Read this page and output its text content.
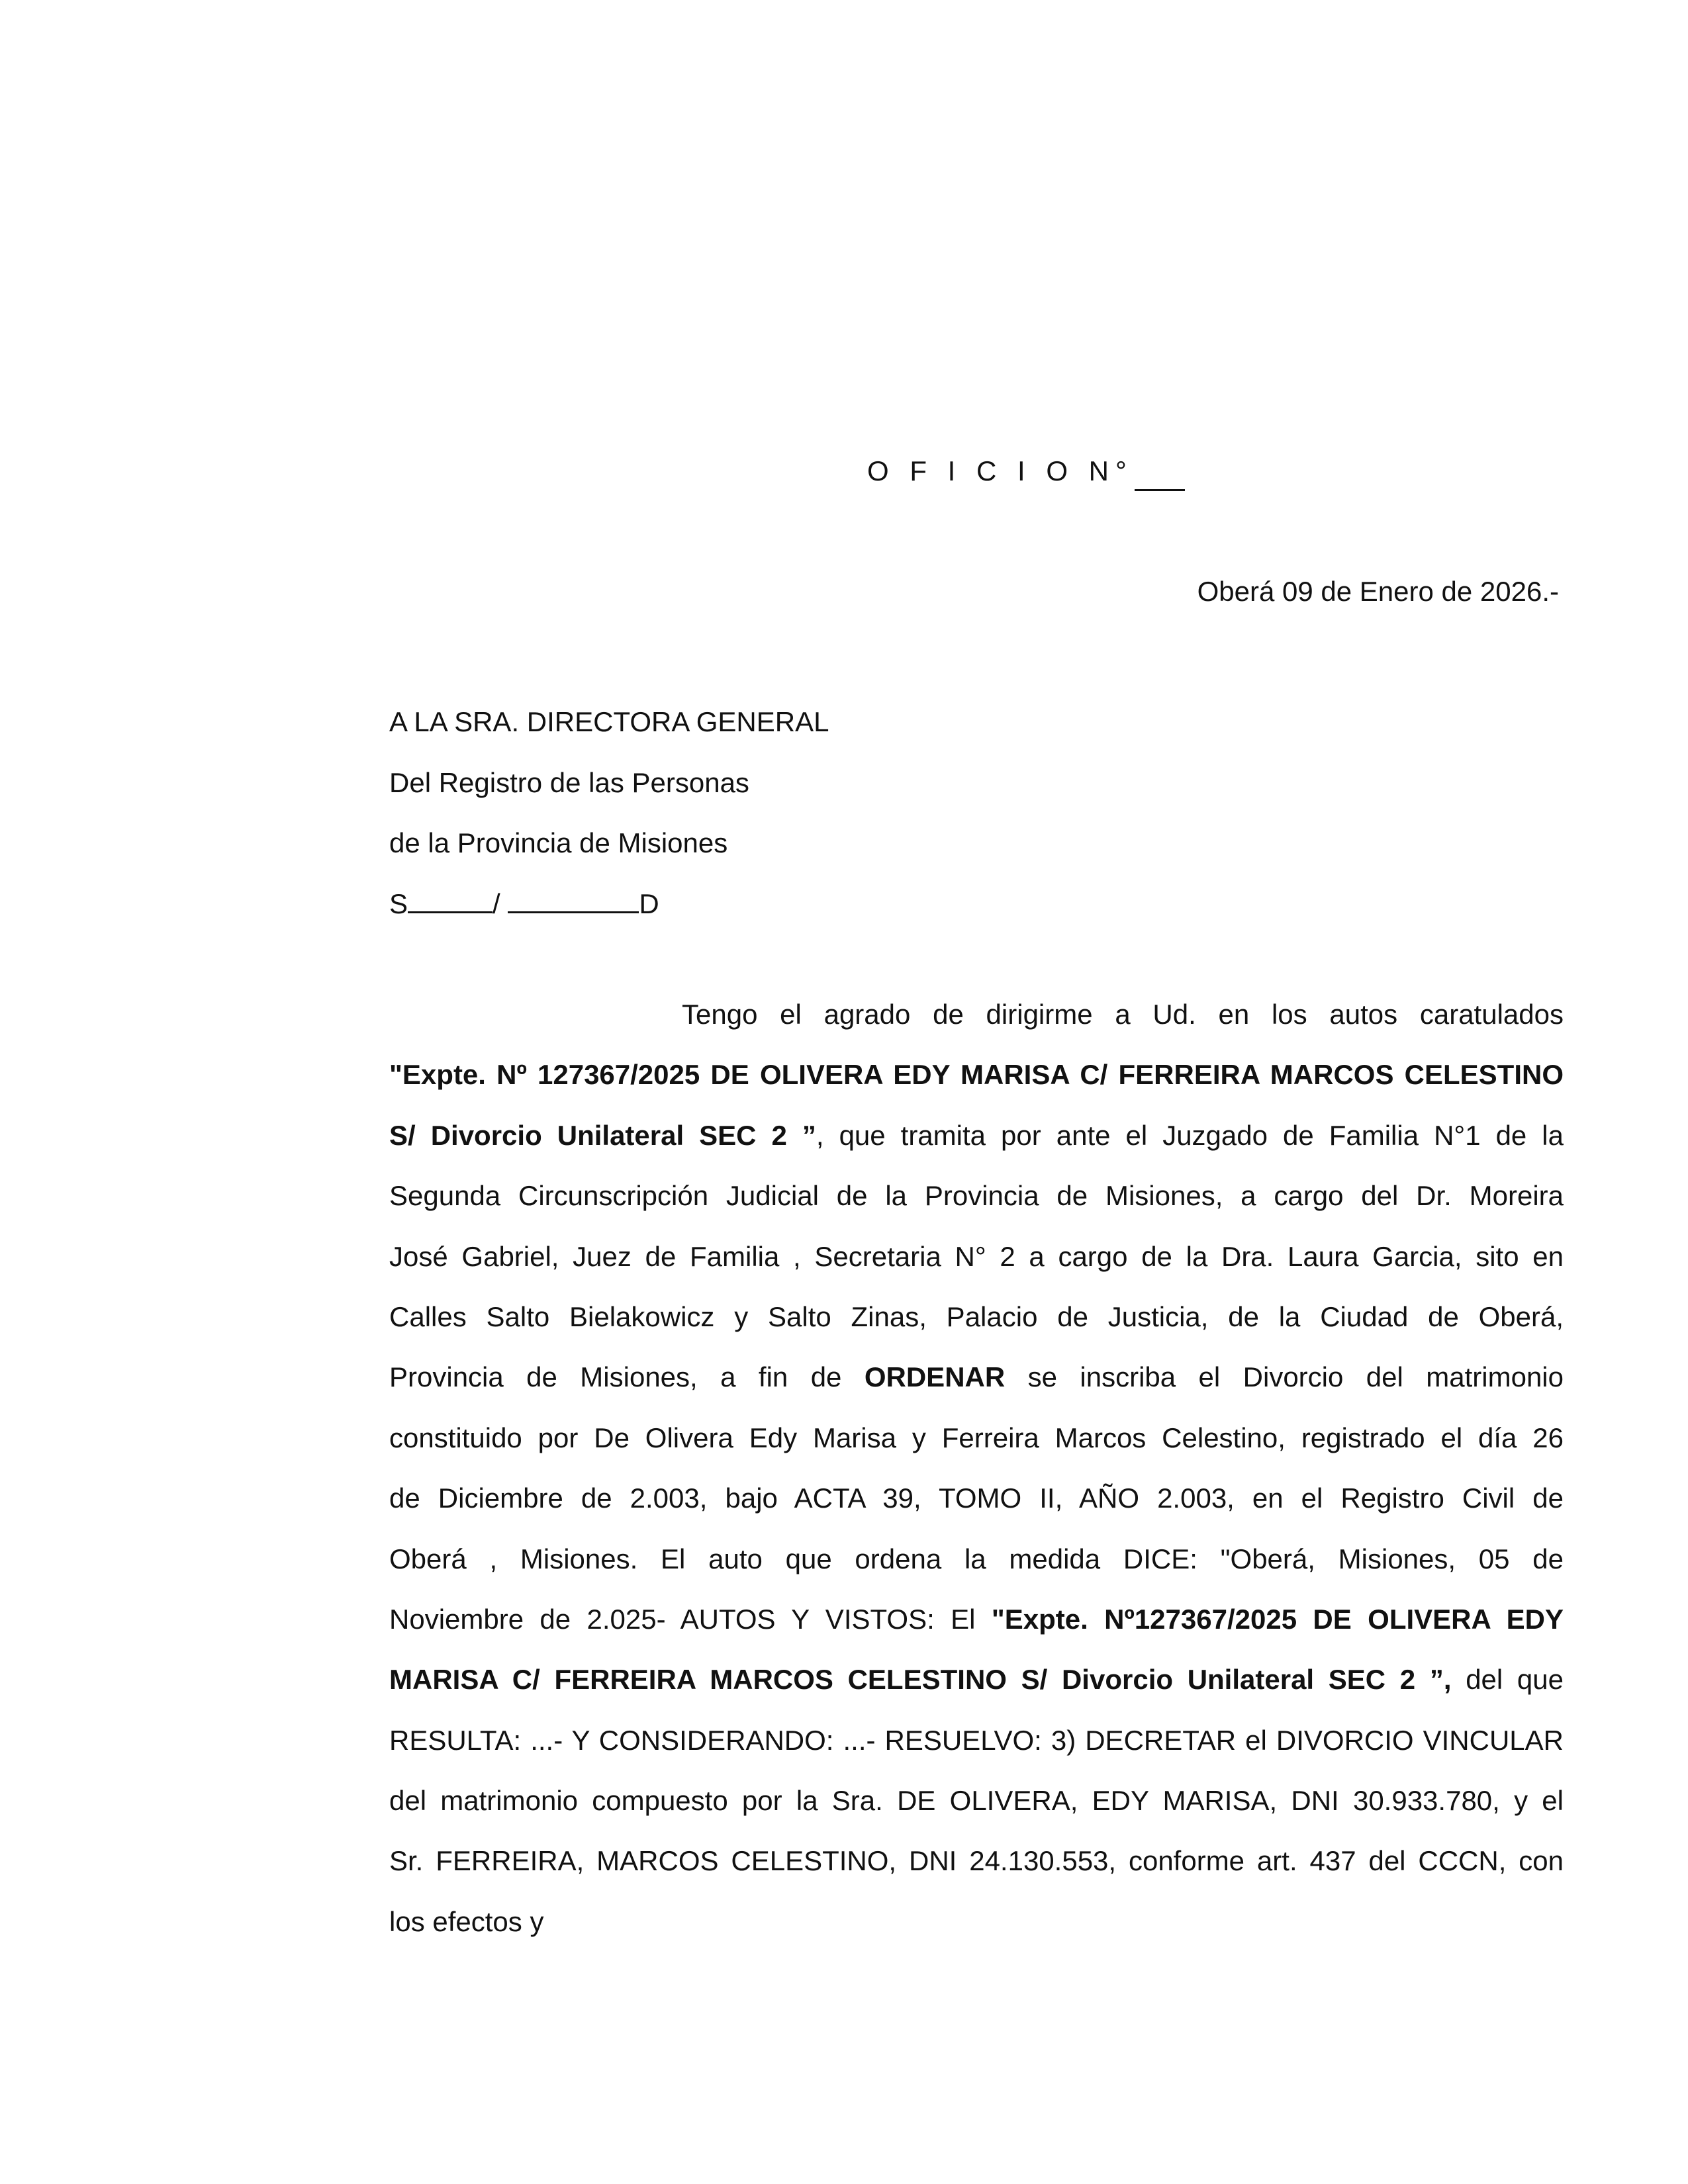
O F I C I O N°
Oberá 09 de Enero de 2026.-
A LA SRA. DIRECTORA GENERAL
Del Registro de las Personas
de la Provincia de Misiones
S	/	D
Tengo el agrado de dirigirme a Ud. en los autos caratulados
"Expte. Nº 127367/2025 DE OLIVERA EDY MARISA C/ FERREIRA MARCOS CELESTINO
S/ Divorcio Unilateral SEC 2 ”, que tramita por ante el Juzgado de Familia N°1 de la
Segunda Circunscripción Judicial de la Provincia de Misiones, a cargo del Dr. Moreira
José Gabriel, Juez de Familia , Secretaria N° 2 a cargo de la Dra. Laura Garcia, sito en
Calles Salto Bielakowicz y Salto Zinas, Palacio de Justicia, de la Ciudad de Oberá,
Provincia de Misiones, a fin de ORDENAR se inscriba el Divorcio del matrimonio
constituido por De Olivera Edy Marisa y Ferreira Marcos Celestino, registrado el día 26
de Diciembre de 2.003, bajo ACTA 39, TOMO II, AÑO 2.003, en el Registro Civil de
Oberá , Misiones. El auto que ordena la medida DICE: "Oberá, Misiones, 05 de
Noviembre de 2.025- AUTOS Y VISTOS: El "Expte. Nº127367/2025 DE OLIVERA EDY
MARISA C/ FERREIRA MARCOS CELESTINO S/ Divorcio Unilateral SEC 2 ”, del que
RESULTA: ...- Y CONSIDERANDO: ...- RESUELVO: 3) DECRETAR el DIVORCIO VINCULAR
del matrimonio compuesto por la Sra. DE OLIVERA, EDY MARISA, DNI 30.933.780, y el
Sr. FERREIRA, MARCOS CELESTINO, DNI 24.130.553, conforme art. 437 del CCCN, con
los efectos y
